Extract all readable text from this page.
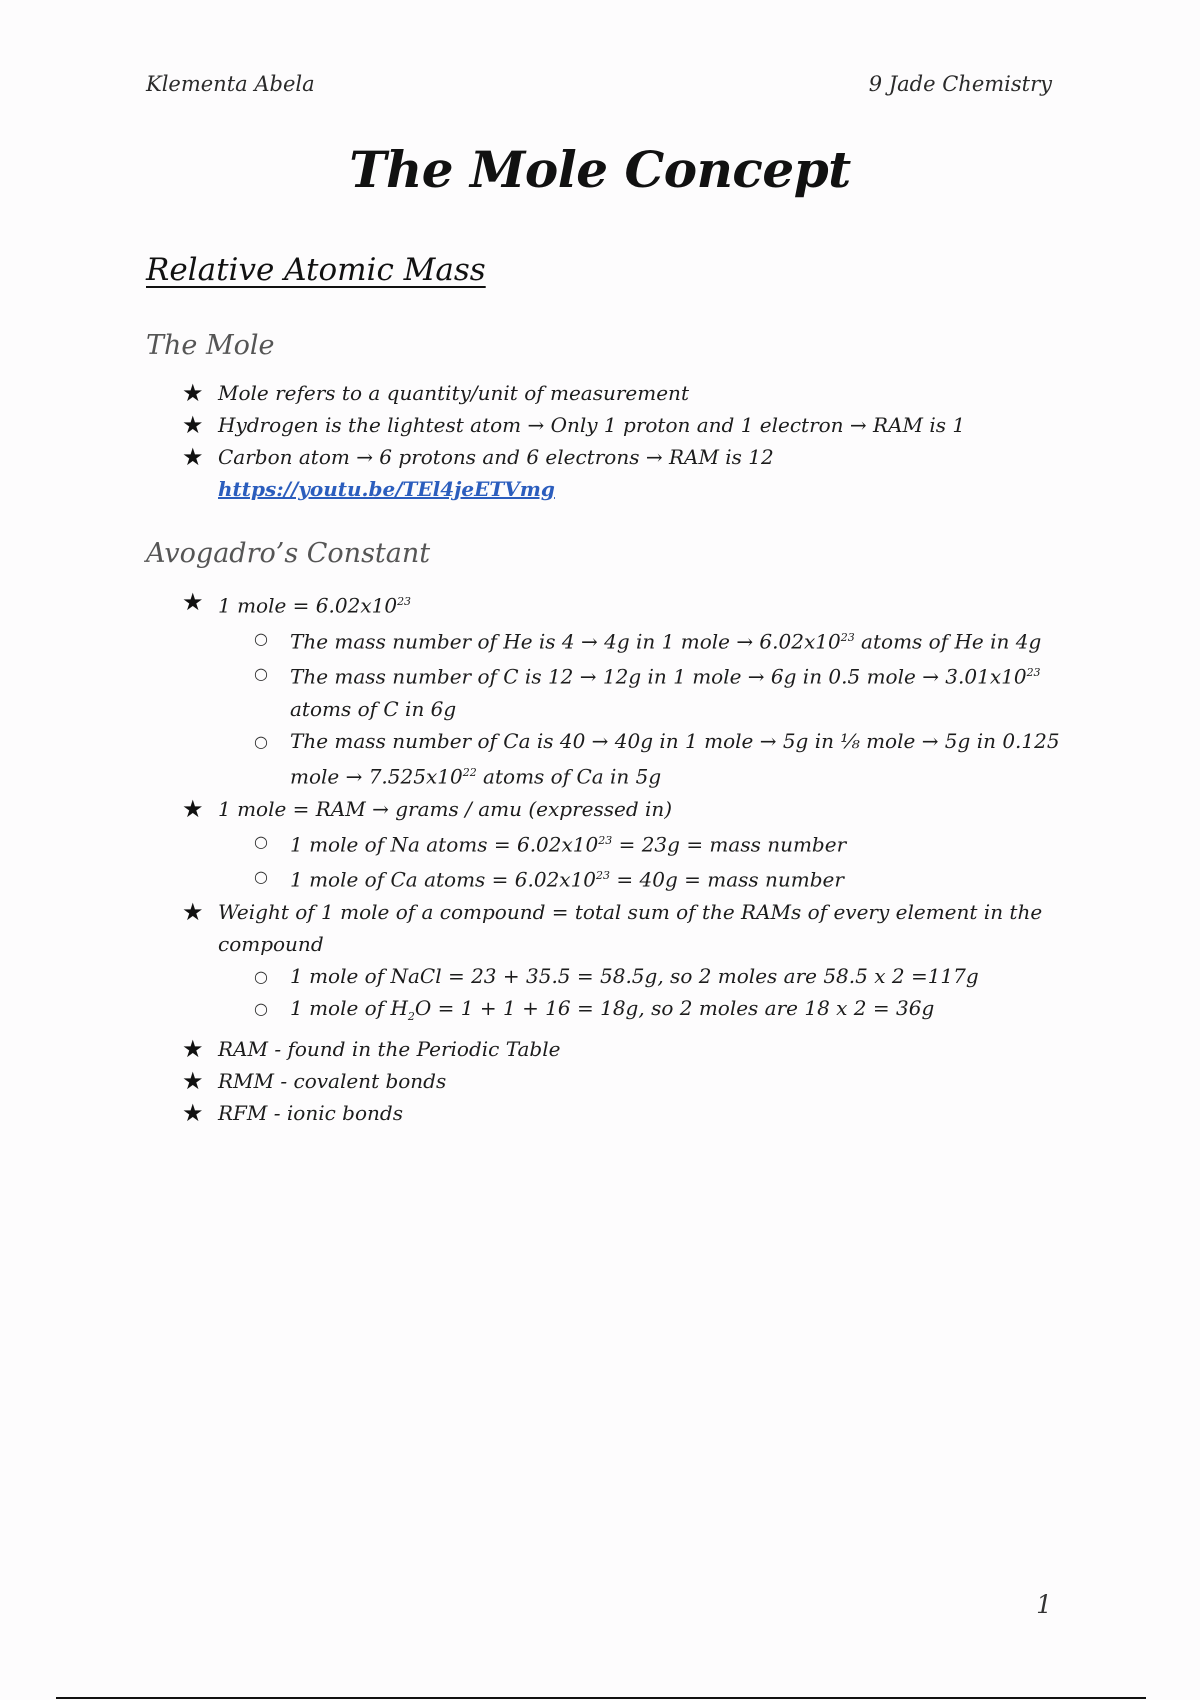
Klementa Abela	9 Jade Chemistry
The Mole Concept
Relative Atomic Mass
The Mole
★ Mole refers to a quantity/unit of measurement
★ Hydrogen is the lightest atom → Only 1 proton and 1 electron → RAM is 1
★ Carbon atom → 6 protons and 6 electrons → RAM is 12
https://youtu.be/TEl4jeETVmg
Avogadro’s Constant
★ 1 mole = $6.02x10^{23}$
○ The mass number of He is 4 → 4g in 1 mole → $6.02x10^{23}$ atoms of He in 4g
○ The mass number of C is 12 → 12g in 1 mole → 6g in 0.5 mole → $3.01x10^{23}$
atoms of C in 6g
○ The mass number of Ca is 40 → 40g in 1 mole → 5g in ⅛ mole → 5g in 0.125
mole → $7.525x10^{22}$ atoms of Ca in 5g
★ 1 mole = RAM → grams / amu (expressed in)
○ 1 mole of Na atoms = $6.02x10^{23} = 23g$ = mass number
○ 1 mole of Ca atoms = $6.02x10^{23} = 40g$ = mass number
★ Weight of 1 mole of a compound = total sum of the RAMs of every element in the
compound
○ 1 mole of NaCl = 23 + 35.5 = 58.5g, so 2 moles are 58.5 x 2 =117g
○ 1 mole of $H_2O = 1 + 1 + 16 = 18g$, so 2 moles are 18 x 2 = 36g
★ RAM - found in the Periodic Table
★ RMM - covalent bonds
★ RFM - ionic bonds
1
